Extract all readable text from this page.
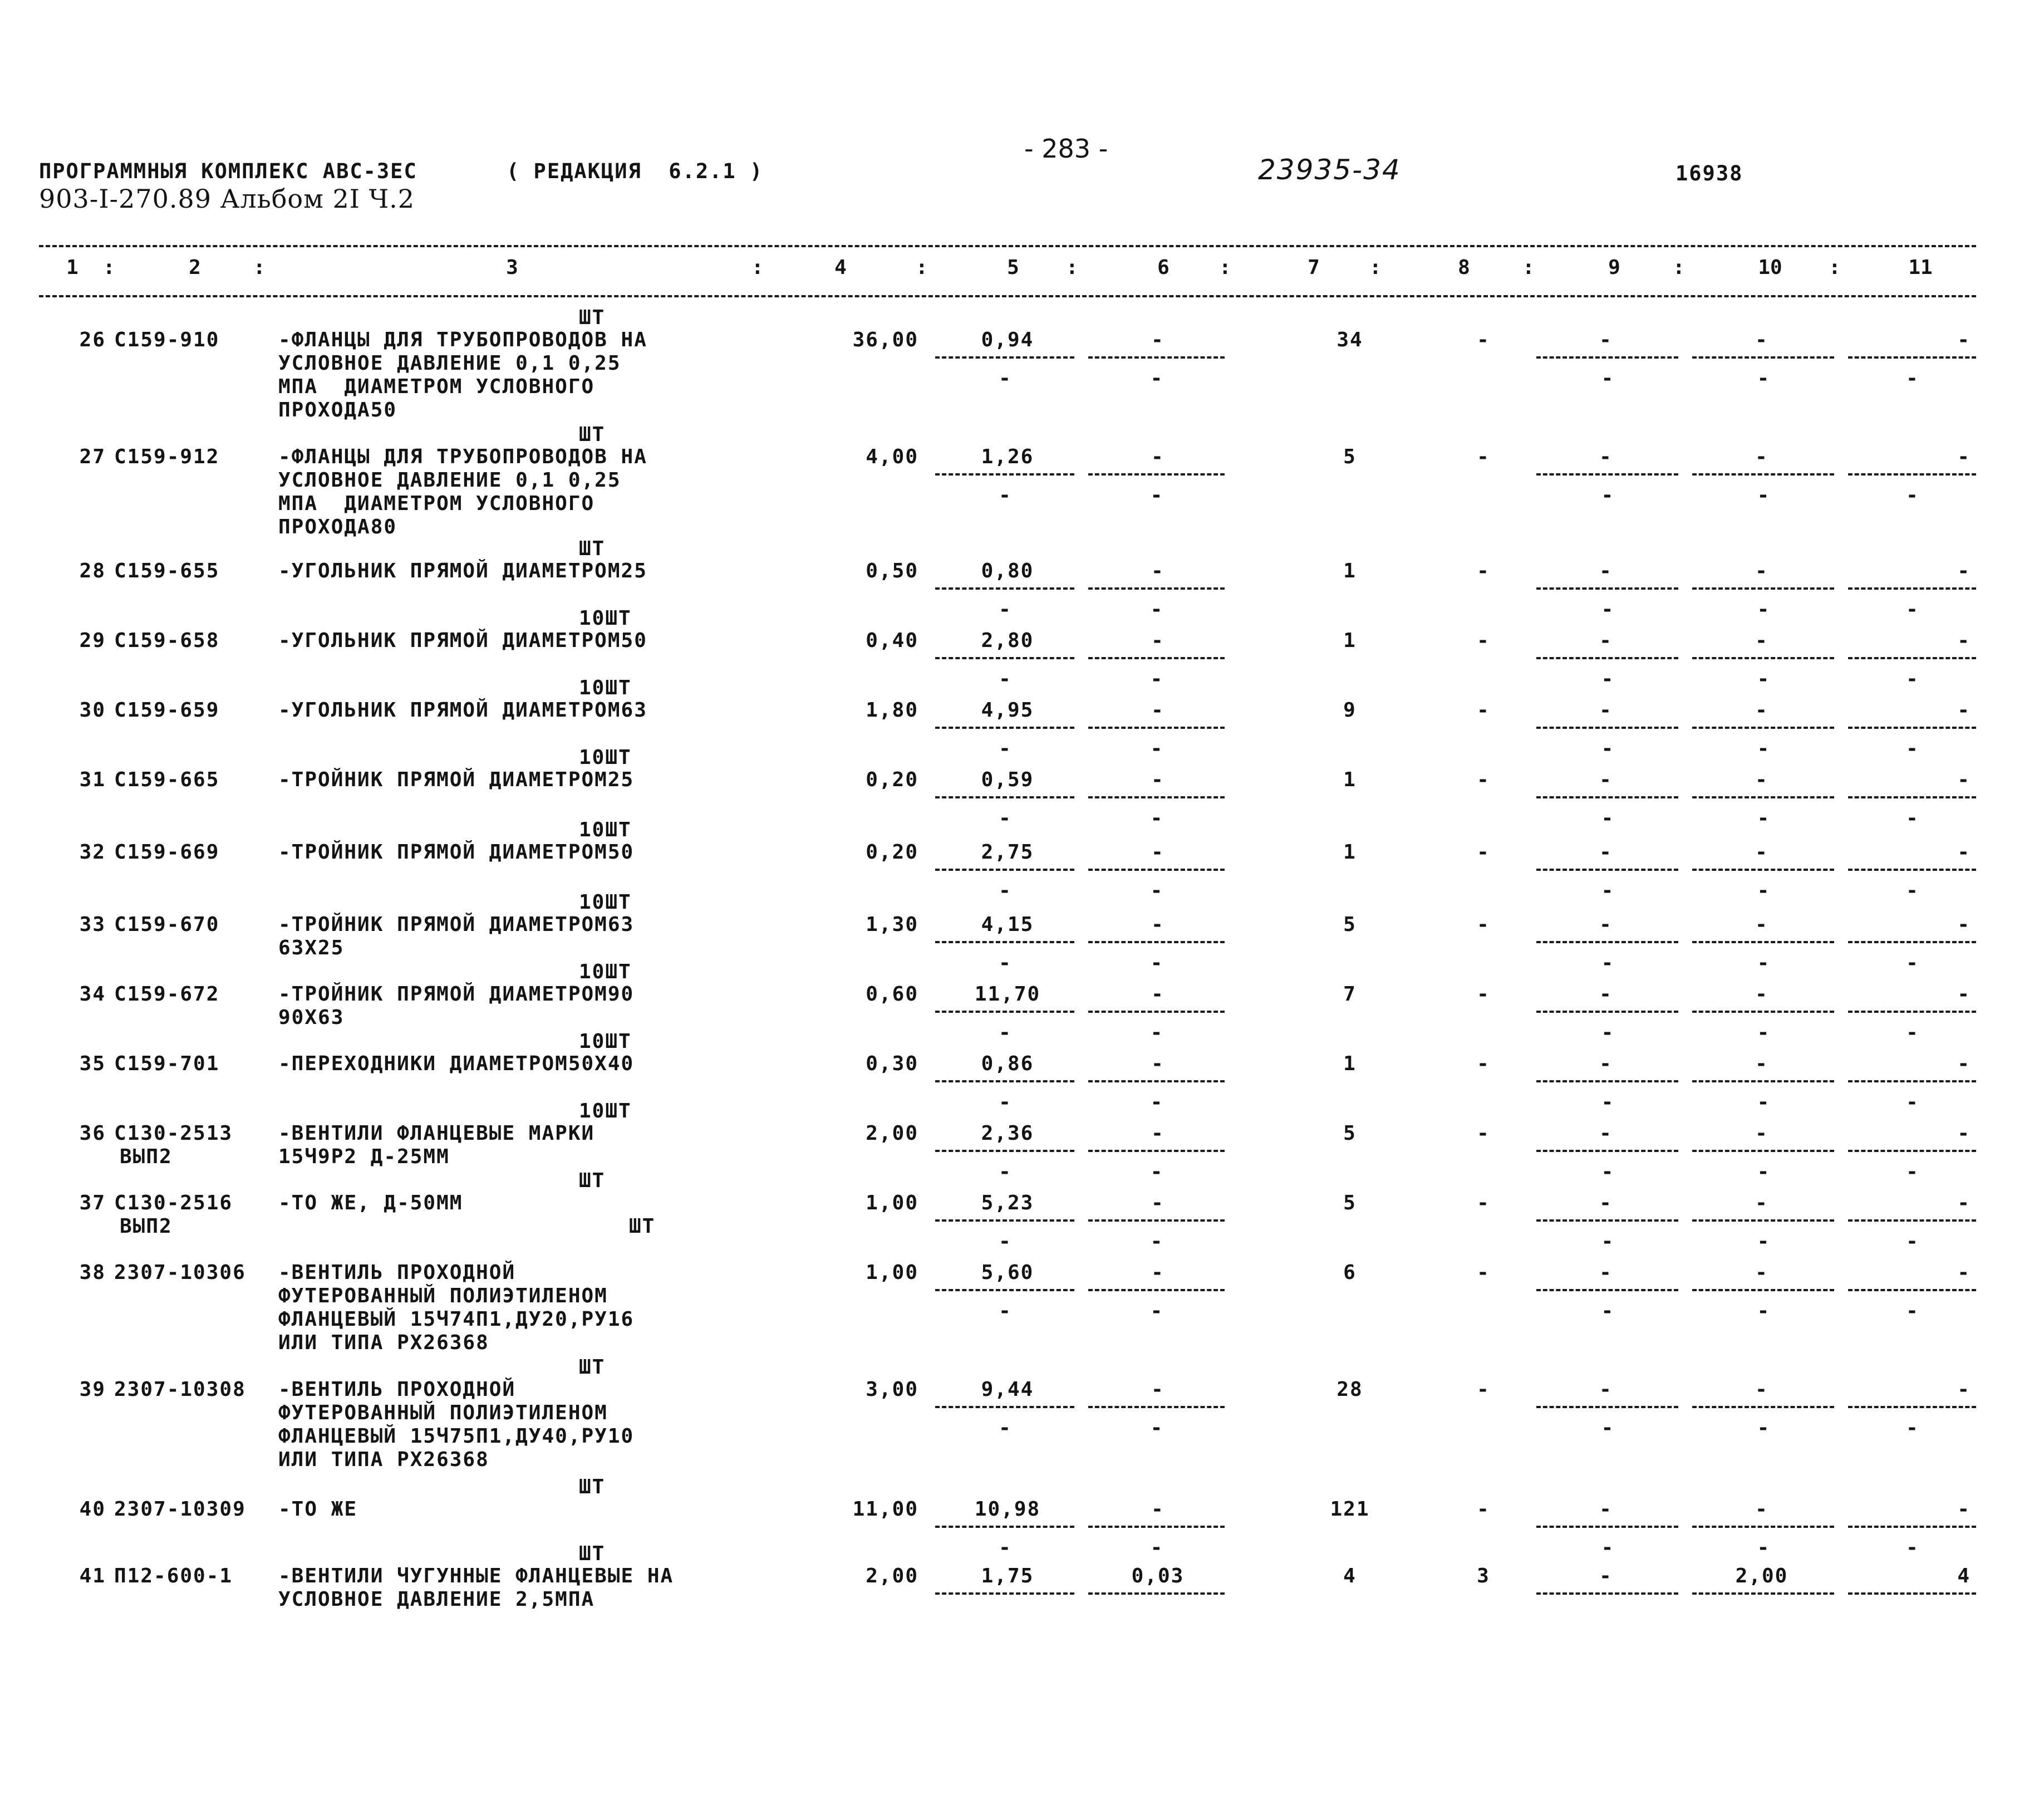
ПРОГРАММНЫЯ КОМПЛЕКС АВС-3ЕС	( РЕДАКЦИЯ  6.2.1 )
903-I-270.89 Альбом 2I Ч.2
- 283 -
23935-34	16938
1	2	3	4	5	6	7	8	9	10	11
:	:	:	:	:	:	:	:	:	:
ШТ
26 С159-910	-ФЛАНЦЫ ДЛЯ ТРУБОПРОВОДОВ НА
УСЛОВНОЕ ДАВЛЕНИЕ 0,1 0,25
МПА  ДИАМЕТРОМ УСЛОВНОГО
ПРОХОДА50
36,00	0,94	-	34	-	-	-	-
-	-	-	-	-
ШТ
27 С159-912	-ФЛАНЦЫ ДЛЯ ТРУБОПРОВОДОВ НА
УСЛОВНОЕ ДАВЛЕНИЕ 0,1 0,25
МПА  ДИАМЕТРОМ УСЛОВНОГО
ПРОХОДА80
4,00	1,26	-	5	-	-	-	-
-	-	-	-	-
ШТ
28 С159-655	-УГОЛЬНИК ПРЯМОЙ ДИАМЕТРОМ25	0,50	0,80	-	1	-	-	-	-
-	-	-	-	-
10ШТ
29 С159-658	-УГОЛЬНИК ПРЯМОЙ ДИАМЕТРОМ50	0,40	2,80	-	1	-	-	-	-
-	-	-	-	-
10ШТ
30 С159-659	-УГОЛЬНИК ПРЯМОЙ ДИАМЕТРОМ63	1,80	4,95	-	9	-	-	-	-
-	-	-	-	-
10ШТ
31 С159-665	-ТРОЙНИК ПРЯМОЙ ДИАМЕТРОМ25	0,20	0,59	-	1	-	-	-	-
-	-	-	-	-
10ШТ
32 С159-669	-ТРОЙНИК ПРЯМОЙ ДИАМЕТРОМ50	0,20	2,75	-	1	-	-	-	-
-	-	-	-	-
10ШТ
33 С159-670	-ТРОЙНИК ПРЯМОЙ ДИАМЕТРОМ63
63Х25
1,30	4,15	-	5	-	-	-	-
-	-	-	-	-
10ШТ
34 С159-672	-ТРОЙНИК ПРЯМОЙ ДИАМЕТРОМ90
90Х63
0,60	11,70	-	7	-	-	-	-
-	-	-	-	-
10ШТ
35 С159-701	-ПЕРЕХОДНИКИ ДИАМЕТРОМ50Х40	0,30	0,86	-	1	-	-	-	-
-	-	-	-	-
10ШТ
36 С130-2513
ВЫП2
-ВЕНТИЛИ ФЛАНЦЕВЫЕ МАРКИ
15Ч9Р2 Д-25ММ
2,00	2,36	-	5	-	-	-	-
-	-	-	-	-
ШТ
37 С130-2516
ВЫП2
-ТО ЖЕ, Д-50ММ
ШТ
1,00	5,23	-	5	-	-	-	-
-	-	-	-	-
38 2307-10306	-ВЕНТИЛЬ ПРОХОДНОЙ
ФУТЕРОВАННЫЙ ПОЛИЭТИЛЕНОМ
ФЛАНЦЕВЫЙ 15Ч74П1,ДУ20,РУ16
ИЛИ ТИПА РХ26368
1,00	5,60	-	6	-	-	-	-
-	-	-	-	-
ШТ
39 2307-10308	-ВЕНТИЛЬ ПРОХОДНОЙ
ФУТЕРОВАННЫЙ ПОЛИЭТИЛЕНОМ
ФЛАНЦЕВЫЙ 15Ч75П1,ДУ40,РУ10
ИЛИ ТИПА РХ26368
3,00	9,44	-	28	-	-	-	-
-	-	-	-	-
ШТ
40 2307-10309	-ТО ЖЕ	11,00	10,98	-	121	-	-	-	-
-	-	-	-	-
ШТ
41 П12-600-1	-ВЕНТИЛИ ЧУГУННЫЕ ФЛАНЦЕВЫЕ НА
УСЛОВНОЕ ДАВЛЕНИЕ 2,5МПА
2,00	1,75	0,03	4	3	-	2,00	4
